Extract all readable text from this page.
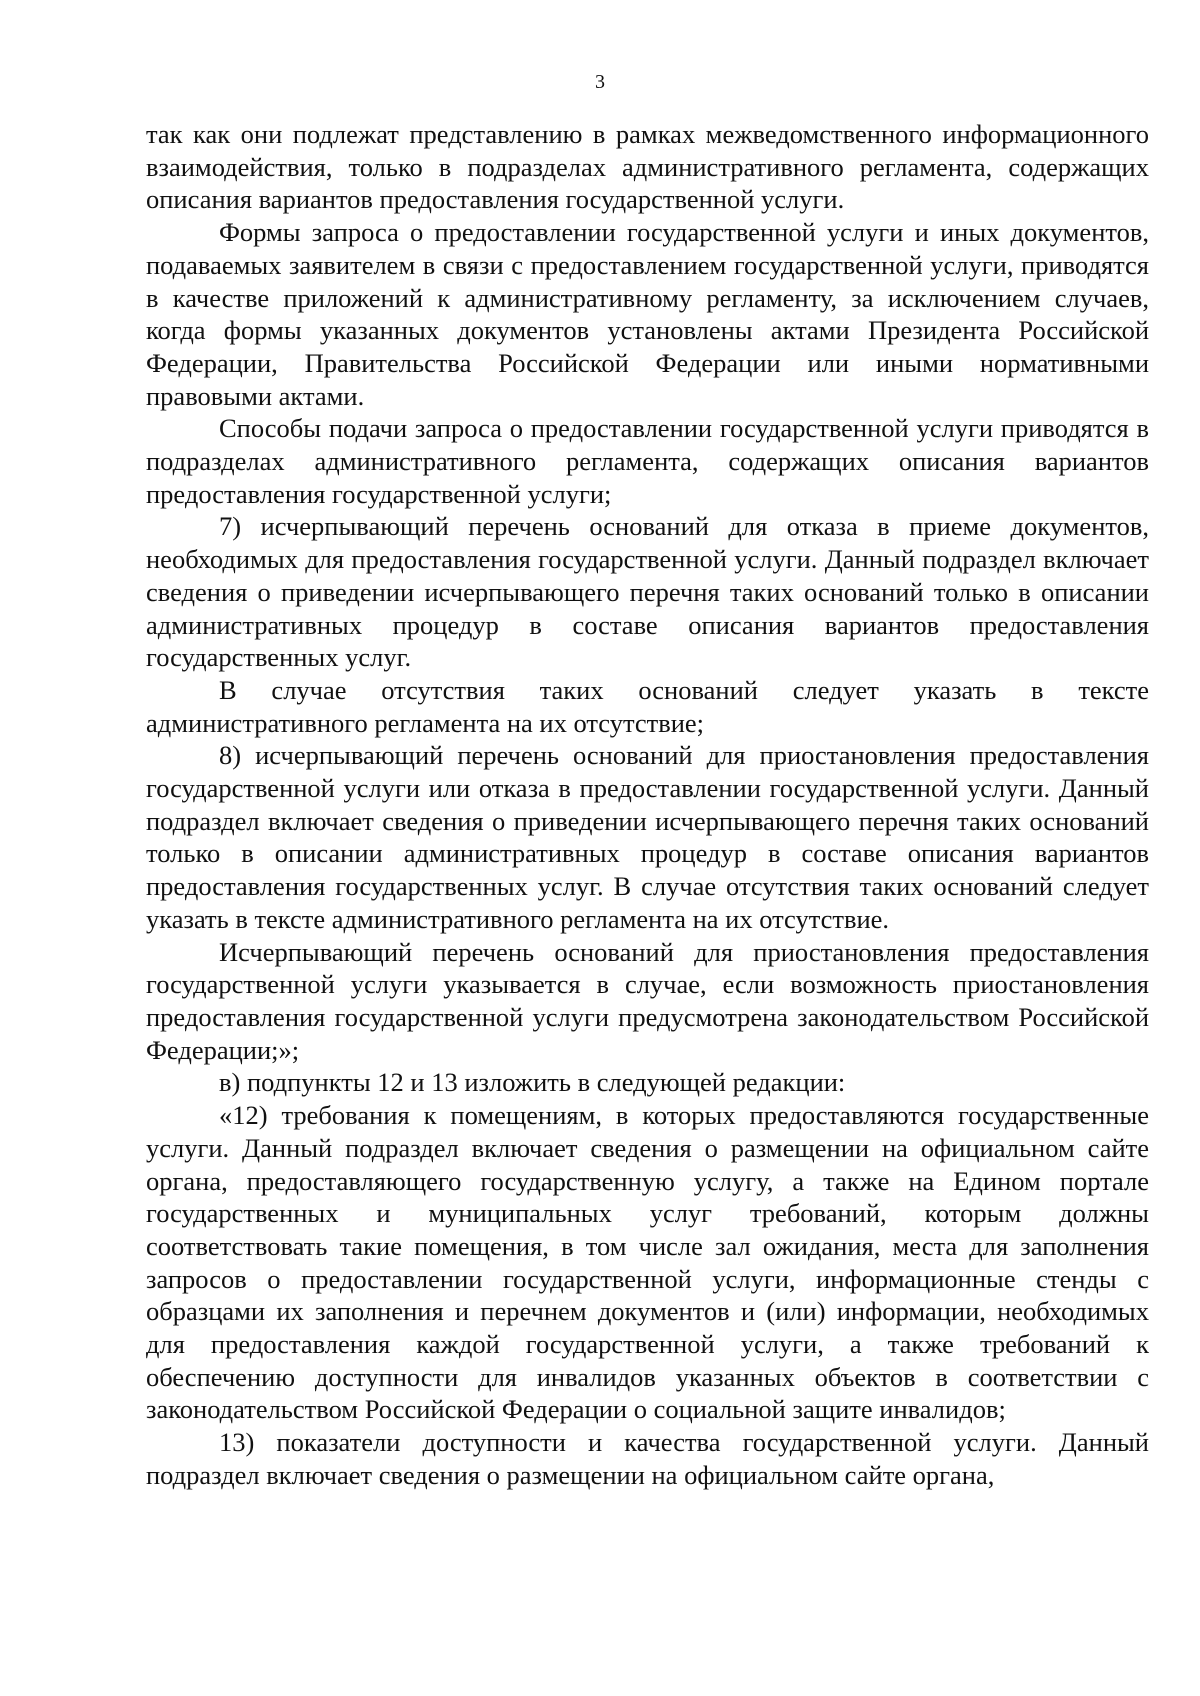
3

так как они подлежат представлению в рамках межведомственного информационного взаимодействия, только в подразделах административного регламента, содержащих описания вариантов предоставления государственной услуги.

Формы запроса о предоставлении государственной услуги и иных документов, подаваемых заявителем в связи с предоставлением государственной услуги, приводятся в качестве приложений к административному регламенту, за исключением случаев, когда формы указанных документов установлены актами Президента Российской Федерации, Правительства Российской Федерации или иными нормативными правовыми актами.

Способы подачи запроса о предоставлении государственной услуги приводятся в подразделах административного регламента, содержащих описания вариантов предоставления государственной услуги;

7) исчерпывающий перечень оснований для отказа в приеме документов, необходимых для предоставления государственной услуги. Данный подраздел включает сведения о приведении исчерпывающего перечня таких оснований только в описании административных процедур в составе описания вариантов предоставления государственных услуг.

В случае отсутствия таких оснований следует указать в тексте административного регламента на их отсутствие;

8) исчерпывающий перечень оснований для приостановления предоставления государственной услуги или отказа в предоставлении государственной услуги. Данный подраздел включает сведения о приведении исчерпывающего перечня таких оснований только в описании административных процедур в составе описания вариантов предоставления государственных услуг. В случае отсутствия таких оснований следует указать в тексте административного регламента на их отсутствие.

Исчерпывающий перечень оснований для приостановления предоставления государственной услуги указывается в случае, если возможность приостановления предоставления государственной услуги предусмотрена законодательством Российской Федерации;»;

в) подпункты 12 и 13 изложить в следующей редакции:

«12) требования к помещениям, в которых предоставляются государственные услуги. Данный подраздел включает сведения о размещении на официальном сайте органа, предоставляющего государственную услугу, а также на Едином портале государственных и муниципальных услуг требований, которым должны соответствовать такие помещения, в том числе зал ожидания, места для заполнения запросов о предоставлении государственной услуги, информационные стенды с образцами их заполнения и перечнем документов и (или) информации, необходимых для предоставления каждой государственной услуги, а также требований к обеспечению доступности для инвалидов указанных объектов в соответствии с законодательством Российской Федерации о социальной защите инвалидов;

13) показатели доступности и качества государственной услуги. Данный подраздел включает сведения о размещении на официальном сайте органа,
